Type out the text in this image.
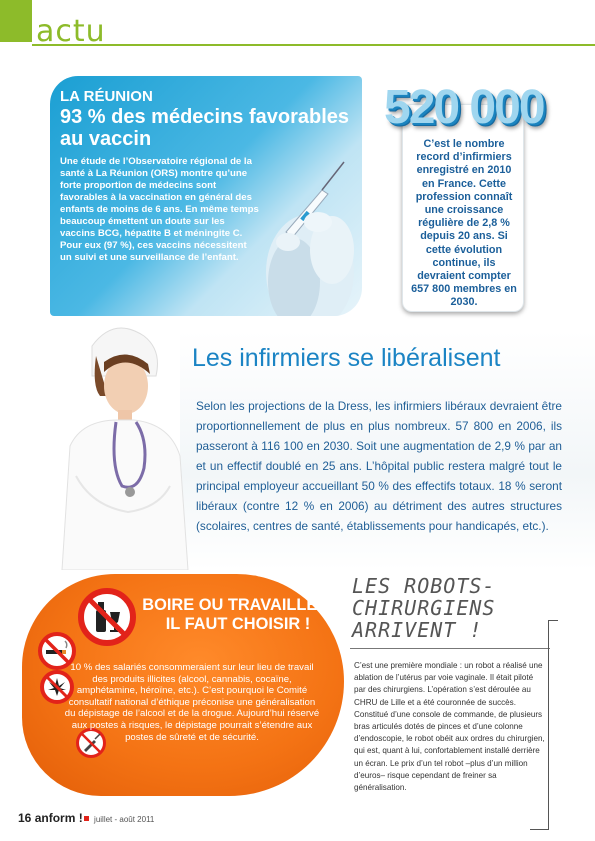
actu
LA RÉUNION
93 % des médecins favorables au vaccin
Une étude de l’Observatoire régional de la santé à La Réunion (ORS) montre qu’une forte proportion de médecins sont favorables à la vaccination en général des enfants de moins de 6 ans. En même temps beaucoup émettent un doute sur les vaccins BCG, hépatite B et méningite C. Pour eux (97 %), ces vaccins nécessitent un suivi et une surveillance de l’enfant.
520 000
C’est le nombre record d’infirmiers enregistré en 2010 en France. Cette profession connaît une croissance régulière de 2,8 % depuis 20 ans. Si cette évolution continue, ils devraient compter 657 800 membres en 2030.
Les infirmiers se libéralisent
Selon les projections de la Dress, les infirmiers libéraux devraient être proportionnellement de plus en plus nombreux. 57 800 en 2006, ils passeront à 116 100 en 2030. Soit une augmentation de 2,9 % par an et un effectif doublé en 25 ans. L’hôpital public restera malgré tout le principal employeur accueillant 50 % des effectifs totaux. 18 % seront libéraux (contre 12 % en 2006) au détriment des autres structures (scolaires, centres de santé, établissements pour handicapés, etc.).
BOIRE OU TRAVAILLER, IL FAUT CHOISIR !
10 % des salariés consommeraient sur leur lieu de travail des produits illicites (alcool, cannabis, cocaïne, amphétamine, héroïne, etc.). C’est pourquoi le Comité consultatif national d’éthique préconise une généralisation du dépistage de l’alcool et de la drogue. Aujourd’hui réservé aux postes à risques, le dépistage pourrait s’étendre aux postes de sûreté et de sécurité.
LES ROBOTS-CHIRURGIENS ARRIVENT !
C’est une première mondiale : un robot a réalisé une ablation de l’utérus par voie vaginale. Il était piloté par des chirurgiens. L’opération s’est déroulée au CHRU de Lille et a été couronnée de succès. Constitué d’une console de commande, de plusieurs bras articulés dotés de pinces et d’une colonne d’endoscopie, le robot obéit aux ordres du chirurgien, qui est, quant à lui, confortablement installé derrière un écran. Le prix d’un tel robot –plus d’un million d’euros– risque cependant de freiner sa généralisation.
16 anform ! juillet - août 2011
